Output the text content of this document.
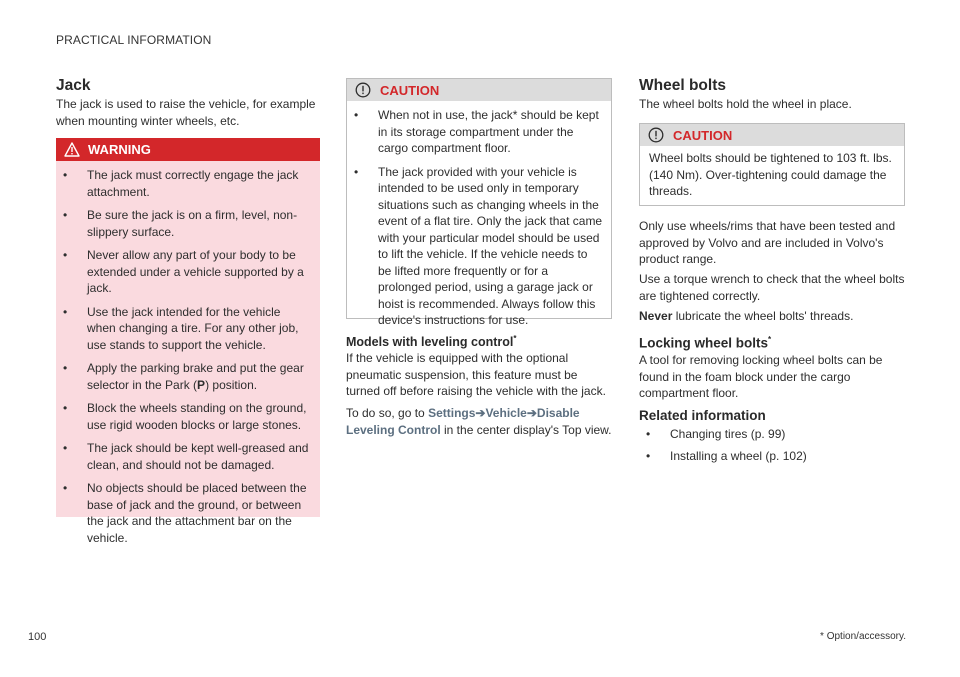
PRACTICAL INFORMATION
Jack

The jack is used to raise the vehicle, for example when mounting winter wheels, etc.

WARNING
• The jack must correctly engage the jack attachment.
• Be sure the jack is on a firm, level, non-slippery surface.
• Never allow any part of your body to be extended under a vehicle supported by a jack.
• Use the jack intended for the vehicle when changing a tire. For any other job, use stands to support the vehicle.
• Apply the parking brake and put the gear selector in the Park (P) position.
• Block the wheels standing on the ground, use rigid wooden blocks or large stones.
• The jack should be kept well-greased and clean, and should not be damaged.
• No objects should be placed between the base of jack and the ground, or between the jack and the attachment bar on the vehicle.
CAUTION
• When not in use, the jack* should be kept in its storage compartment under the cargo compartment floor.
• The jack provided with your vehicle is intended to be used only in temporary situations such as changing wheels in the event of a flat tire. Only the jack that came with your particular model should be used to lift the vehicle. If the vehicle needs to be lifted more frequently or for a prolonged period, using a garage jack or hoist is recommended. Always follow this device's instructions for use.
Models with leveling control*

If the vehicle is equipped with the optional pneumatic suspension, this feature must be turned off before raising the vehicle with the jack.

To do so, go to Settings➔Vehicle➔Disable Leveling Control in the center display's Top view.

Wheel bolts

The wheel bolts hold the wheel in place.

CAUTION

Wheel bolts should be tightened to 103 ft. lbs. (140 Nm). Over-tightening could damage the threads.

Only use wheels/rims that have been tested and approved by Volvo and are included in Volvo's product range.

Use a torque wrench to check that the wheel bolts are tightened correctly.

Never lubricate the wheel bolts' threads.

Locking wheel bolts*

A tool for removing locking wheel bolts can be found in the foam block under the cargo compartment floor.

Related information
• Changing tires (p. 99)
• Installing a wheel (p. 102)
100	* Option/accessory.
